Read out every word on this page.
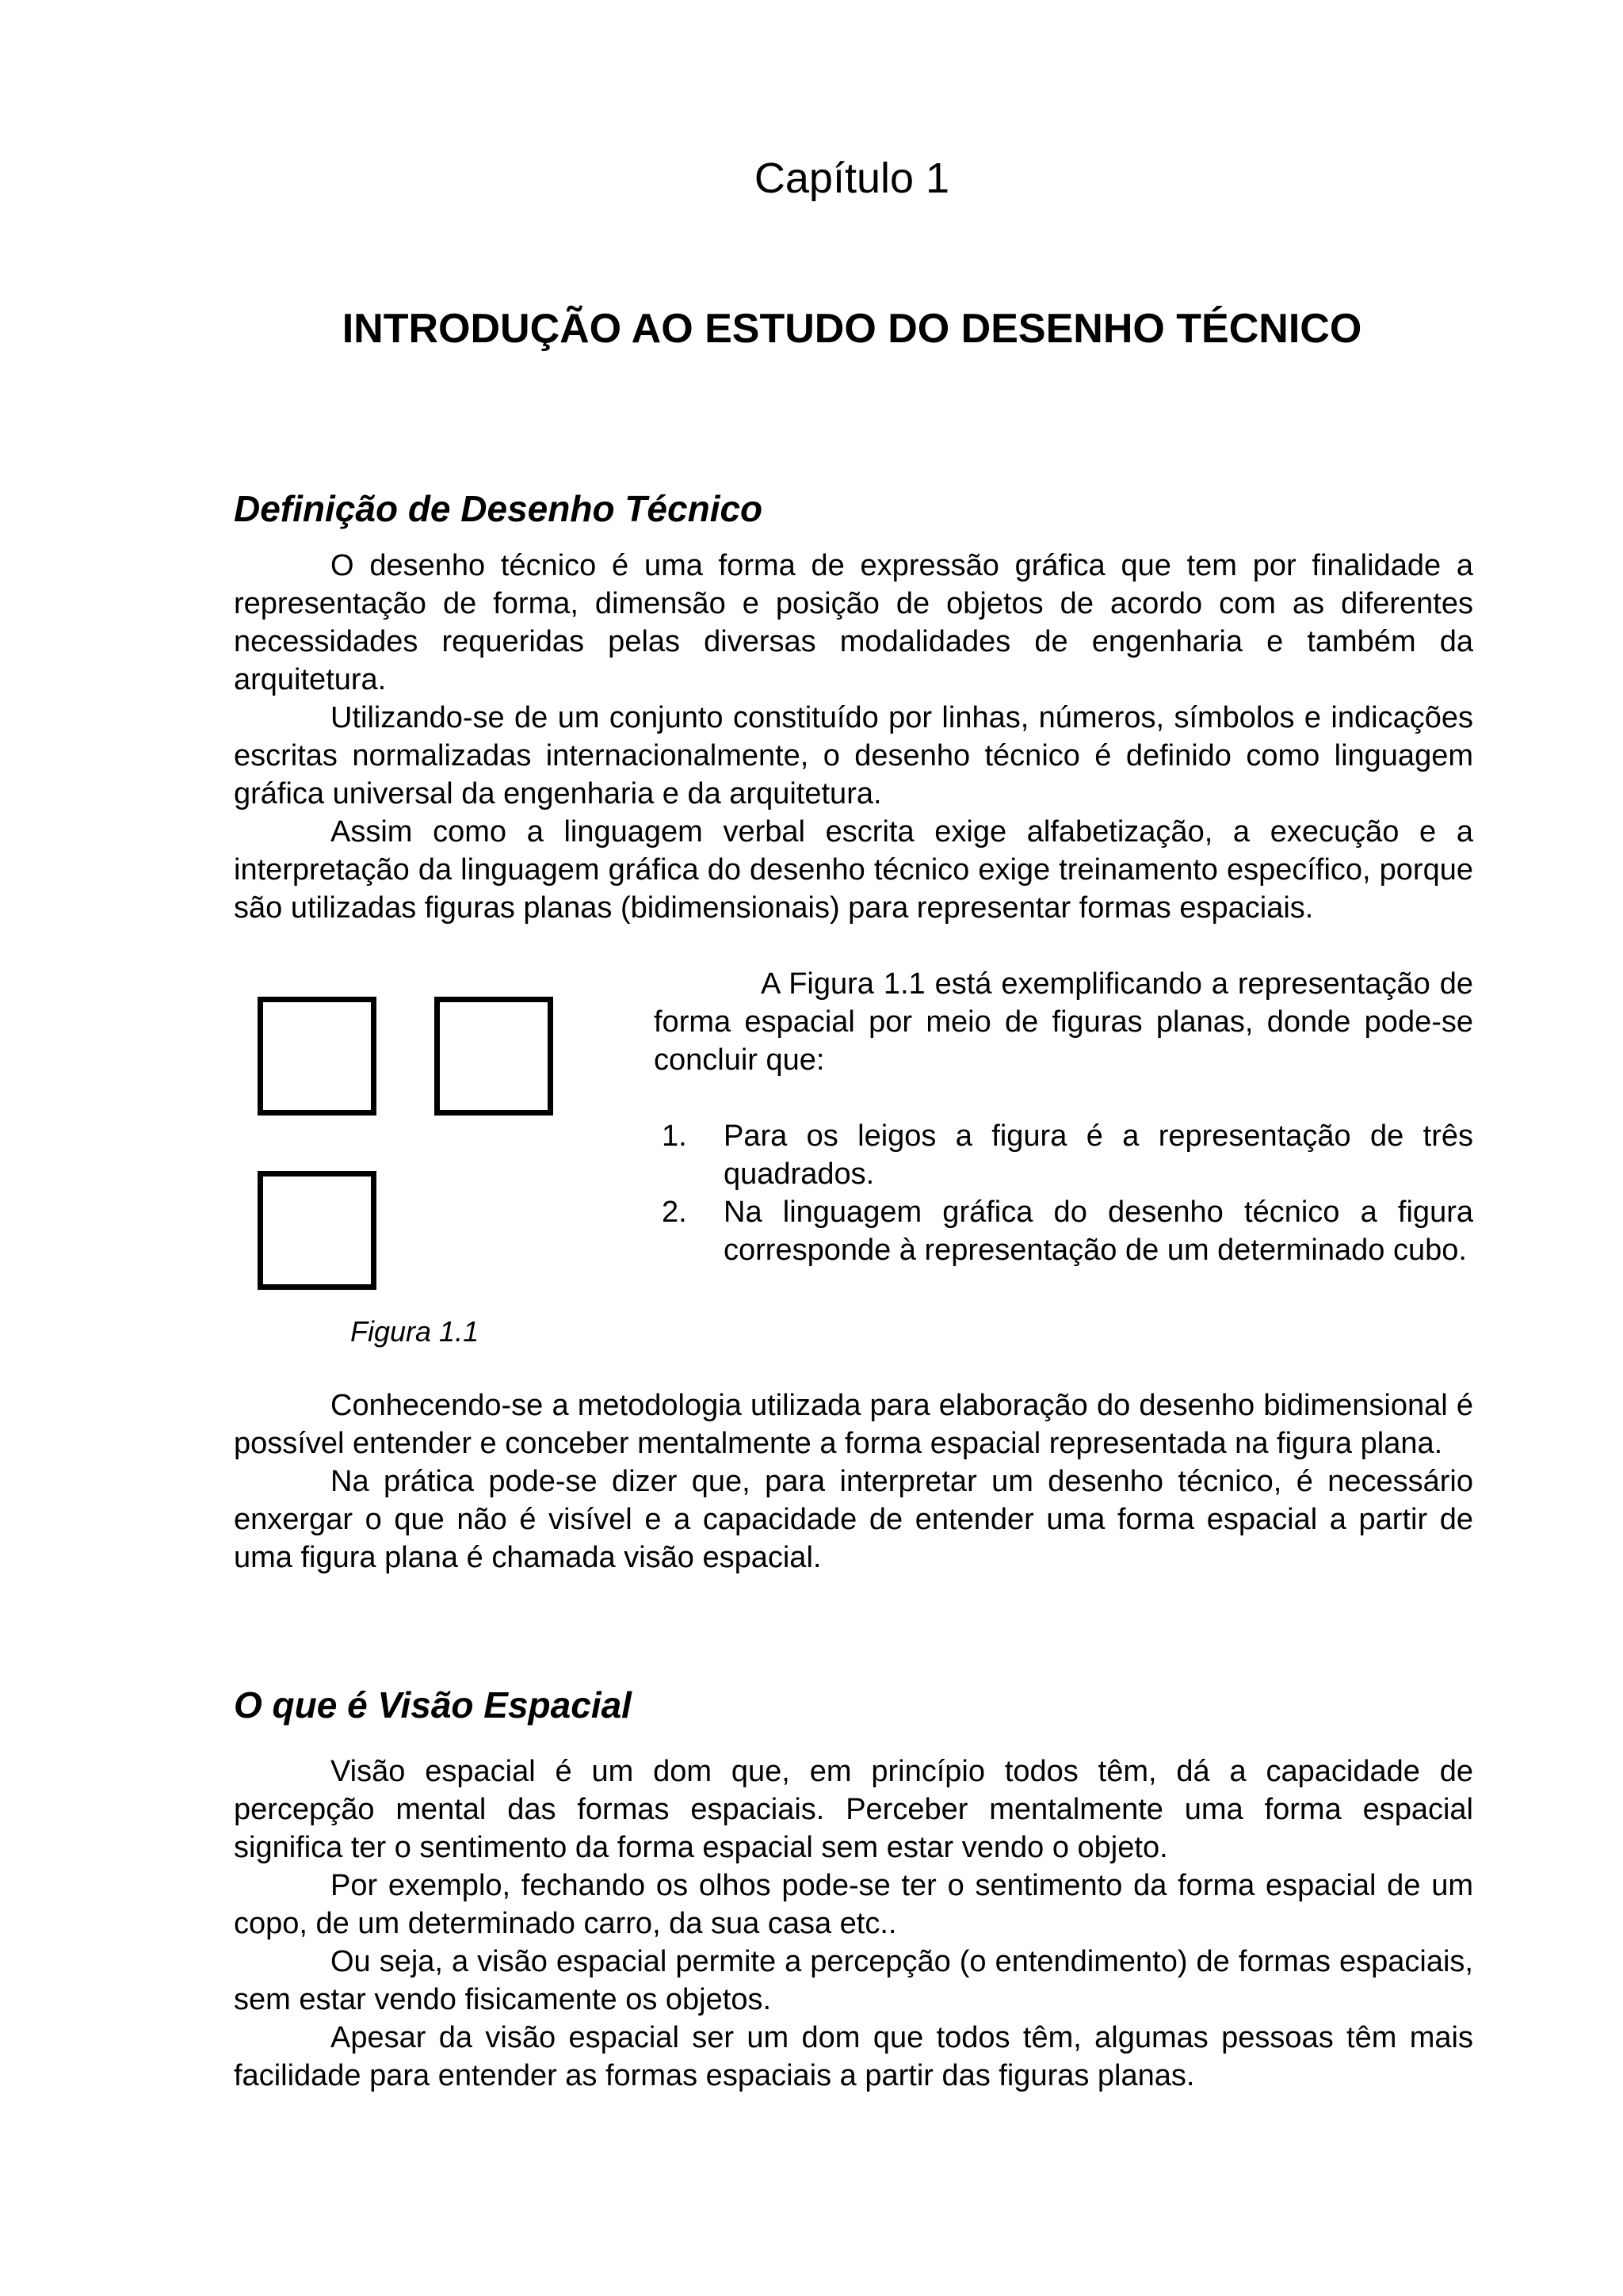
Capítulo 1
INTRODUÇÃO AO ESTUDO DO DESENHO TÉCNICO
Definição de Desenho Técnico

O desenho técnico é uma forma de expressão gráfica que tem por finalidade a representação de forma, dimensão e posição de objetos de acordo com as diferentes necessidades requeridas pelas diversas modalidades de engenharia e também da arquitetura.

Utilizando-se de um conjunto constituído por linhas, números, símbolos e indicações escritas normalizadas internacionalmente, o desenho técnico é definido como linguagem gráfica universal da engenharia e da arquitetura.

Assim como a linguagem verbal escrita exige alfabetização, a execução e a interpretação da linguagem gráfica do desenho técnico exige treinamento específico, porque são utilizadas figuras planas (bidimensionais) para representar formas espaciais.

Figura 1.1

A Figura 1.1 está exemplificando a representação de forma espacial por meio de figuras planas, donde pode-se concluir que:

1. Para os leigos a figura é a representação de três quadrados.
2. Na linguagem gráfica do desenho técnico a figura corresponde à representação de um determinado cubo.

Conhecendo-se a metodologia utilizada para elaboração do desenho bidimensional é possível entender e conceber mentalmente a forma espacial representada na figura plana.

Na prática pode-se dizer que, para interpretar um desenho técnico, é necessário enxergar o que não é visível e a capacidade de entender uma forma espacial a partir de uma figura plana é chamada visão espacial.

O que é Visão Espacial

Visão espacial é um dom que, em princípio todos têm, dá a capacidade de percepção mental das formas espaciais. Perceber mentalmente uma forma espacial significa ter o sentimento da forma espacial sem estar vendo o objeto.

Por exemplo, fechando os olhos pode-se ter o sentimento da forma espacial de um copo, de um determinado carro, da sua casa etc..

Ou seja, a visão espacial permite a percepção (o entendimento) de formas espaciais, sem estar vendo fisicamente os objetos.

Apesar da visão espacial ser um dom que todos têm, algumas pessoas têm mais facilidade para entender as formas espaciais a partir das figuras planas.
